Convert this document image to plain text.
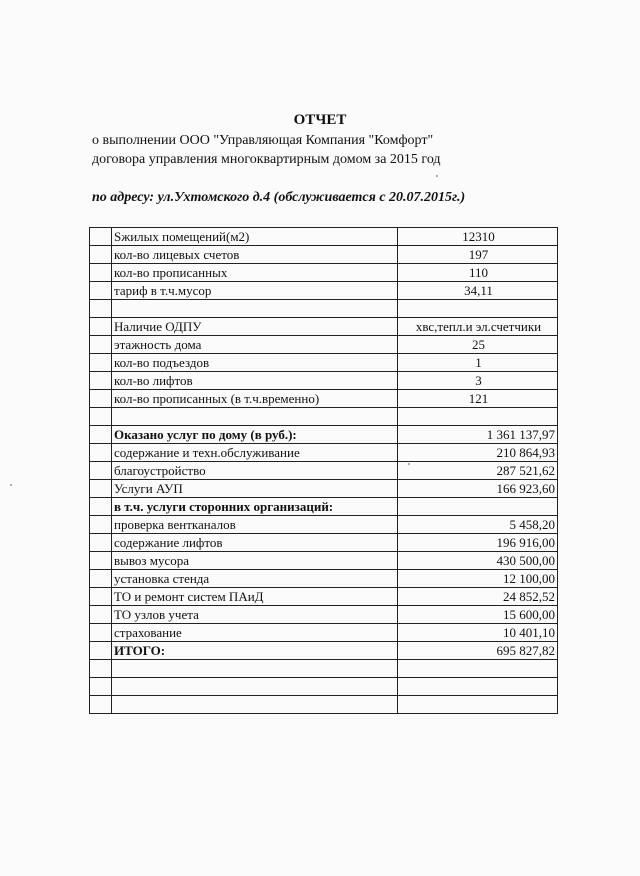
ОТЧЕТ
о выполнении ООО "Управляющая Компания "Комфорт"
договора управления многоквартирным домом за 2015 год
по адресу: ул.Ухтомского д.4 (обслуживается с 20.07.2015г.)
	Sжилых помещений(м2)	12310
	кол-во лицевых счетов	197
	кол-во прописанных	110
	тариф в т.ч.мусор	34,11

	Наличие ОДПУ	хвс,тепл.и эл.счетчики
	этажность дома	25
	кол-во подъездов	1
	кол-во лифтов	3
	кол-во прописанных (в т.ч.временно)	121

	Оказано услуг по дому (в руб.):	1 361 137,97
	содержание и техн.обслуживание	210 864,93
	благоустройство	287 521,62
	Услуги АУП	166 923,60
	в т.ч. услуги сторонних организаций:	
	проверка вентканалов	5 458,20
	содержание лифтов	196 916,00
	вывоз мусора	430 500,00
	установка стенда	12 100,00
	ТО и ремонт систем ПАиД	24 852,52
	ТО узлов учета	15 600,00
	страхование	10 401,10
	ИТОГО:	695 827,82
